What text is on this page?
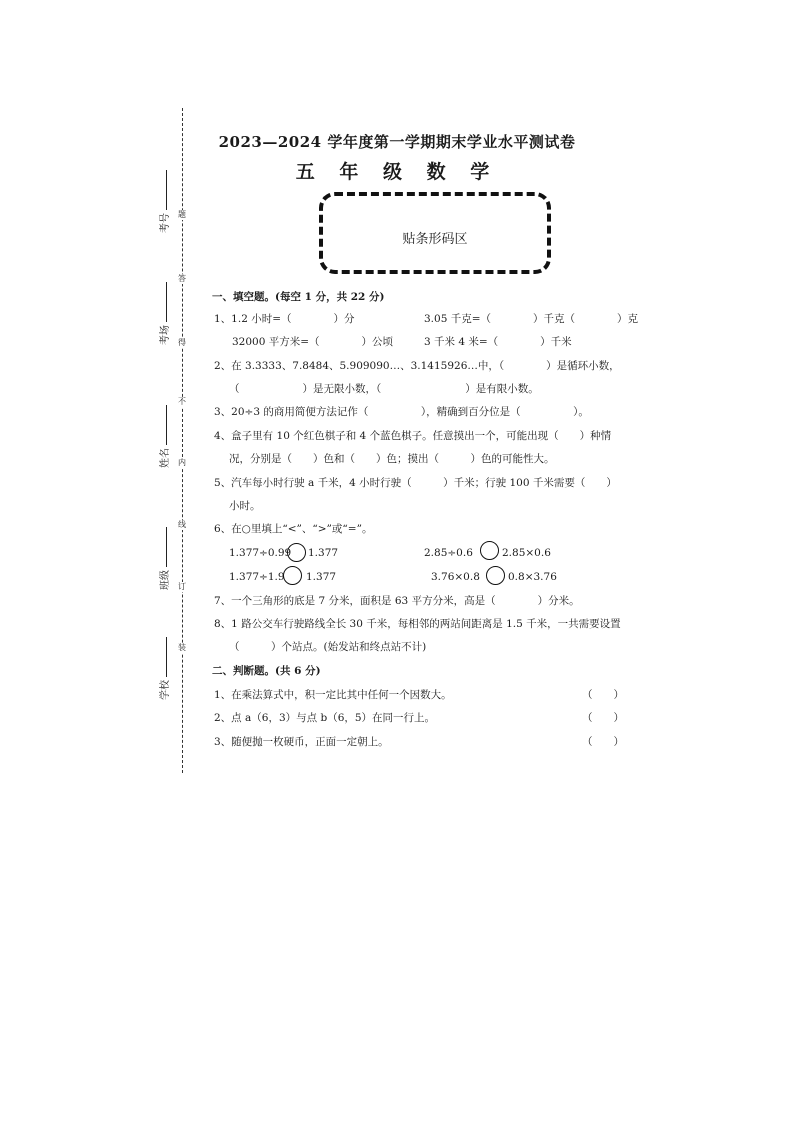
题
答
得
不
内
线
订
装
考号
考场
姓名
班级
学校
2023—2024 学年度第一学期期末学业水平测试卷
五 年 级 数 学
贴条形码区
一、填空题。(每空 1 分，共 22 分)
1、1.2 小时=（　　　　）分	3.05 千克=（　　　　）千克（　　　　）克
32000 平方米=（　　　　）公顷	3 千米 4 米=（　　　　）千米
2、在 3.3333、7.8484、5.909090…、3.1415926…中，（　　　　）是循环小数，
（　　　　　　）是无限小数，（　　　　　　　　）是有限小数。
3、20÷3 的商用简便方法记作（　　　　　），精确到百分位是（　　　　　）。
4、盒子里有 10 个红色棋子和 4 个蓝色棋子。任意摸出一个，可能出现（　　）种情
况，分别是（　　）色和（　　）色；摸出（　　　）色的可能性大。
5、汽车每小时行驶 a 千米，4 小时行驶（　　　）千米；行驶 100 千米需要（　　）
小时。
6、在○里填上“<”、“>”或“=”。
1.377÷0.99 1.377	2.85÷0.6	2.85×0.6
1.377÷1.9 1.377	3.76×0.8	0.8×3.76
7、一个三角形的底是 7 分米，面积是 63 平方分米，高是（　　　　）分米。
8、1 路公交车行驶路线全长 30 千米，每相邻的两站间距离是 1.5 千米，一共需要设置
（　　　）个站点。(始发站和终点站不计)
二、判断题。(共 6 分)
1、在乘法算式中，积一定比其中任何一个因数大。	（　　）
2、点 a（6，3）与点 b（6，5）在同一行上。	（　　）
3、随便抛一枚硬币，正面一定朝上。	（　　）
